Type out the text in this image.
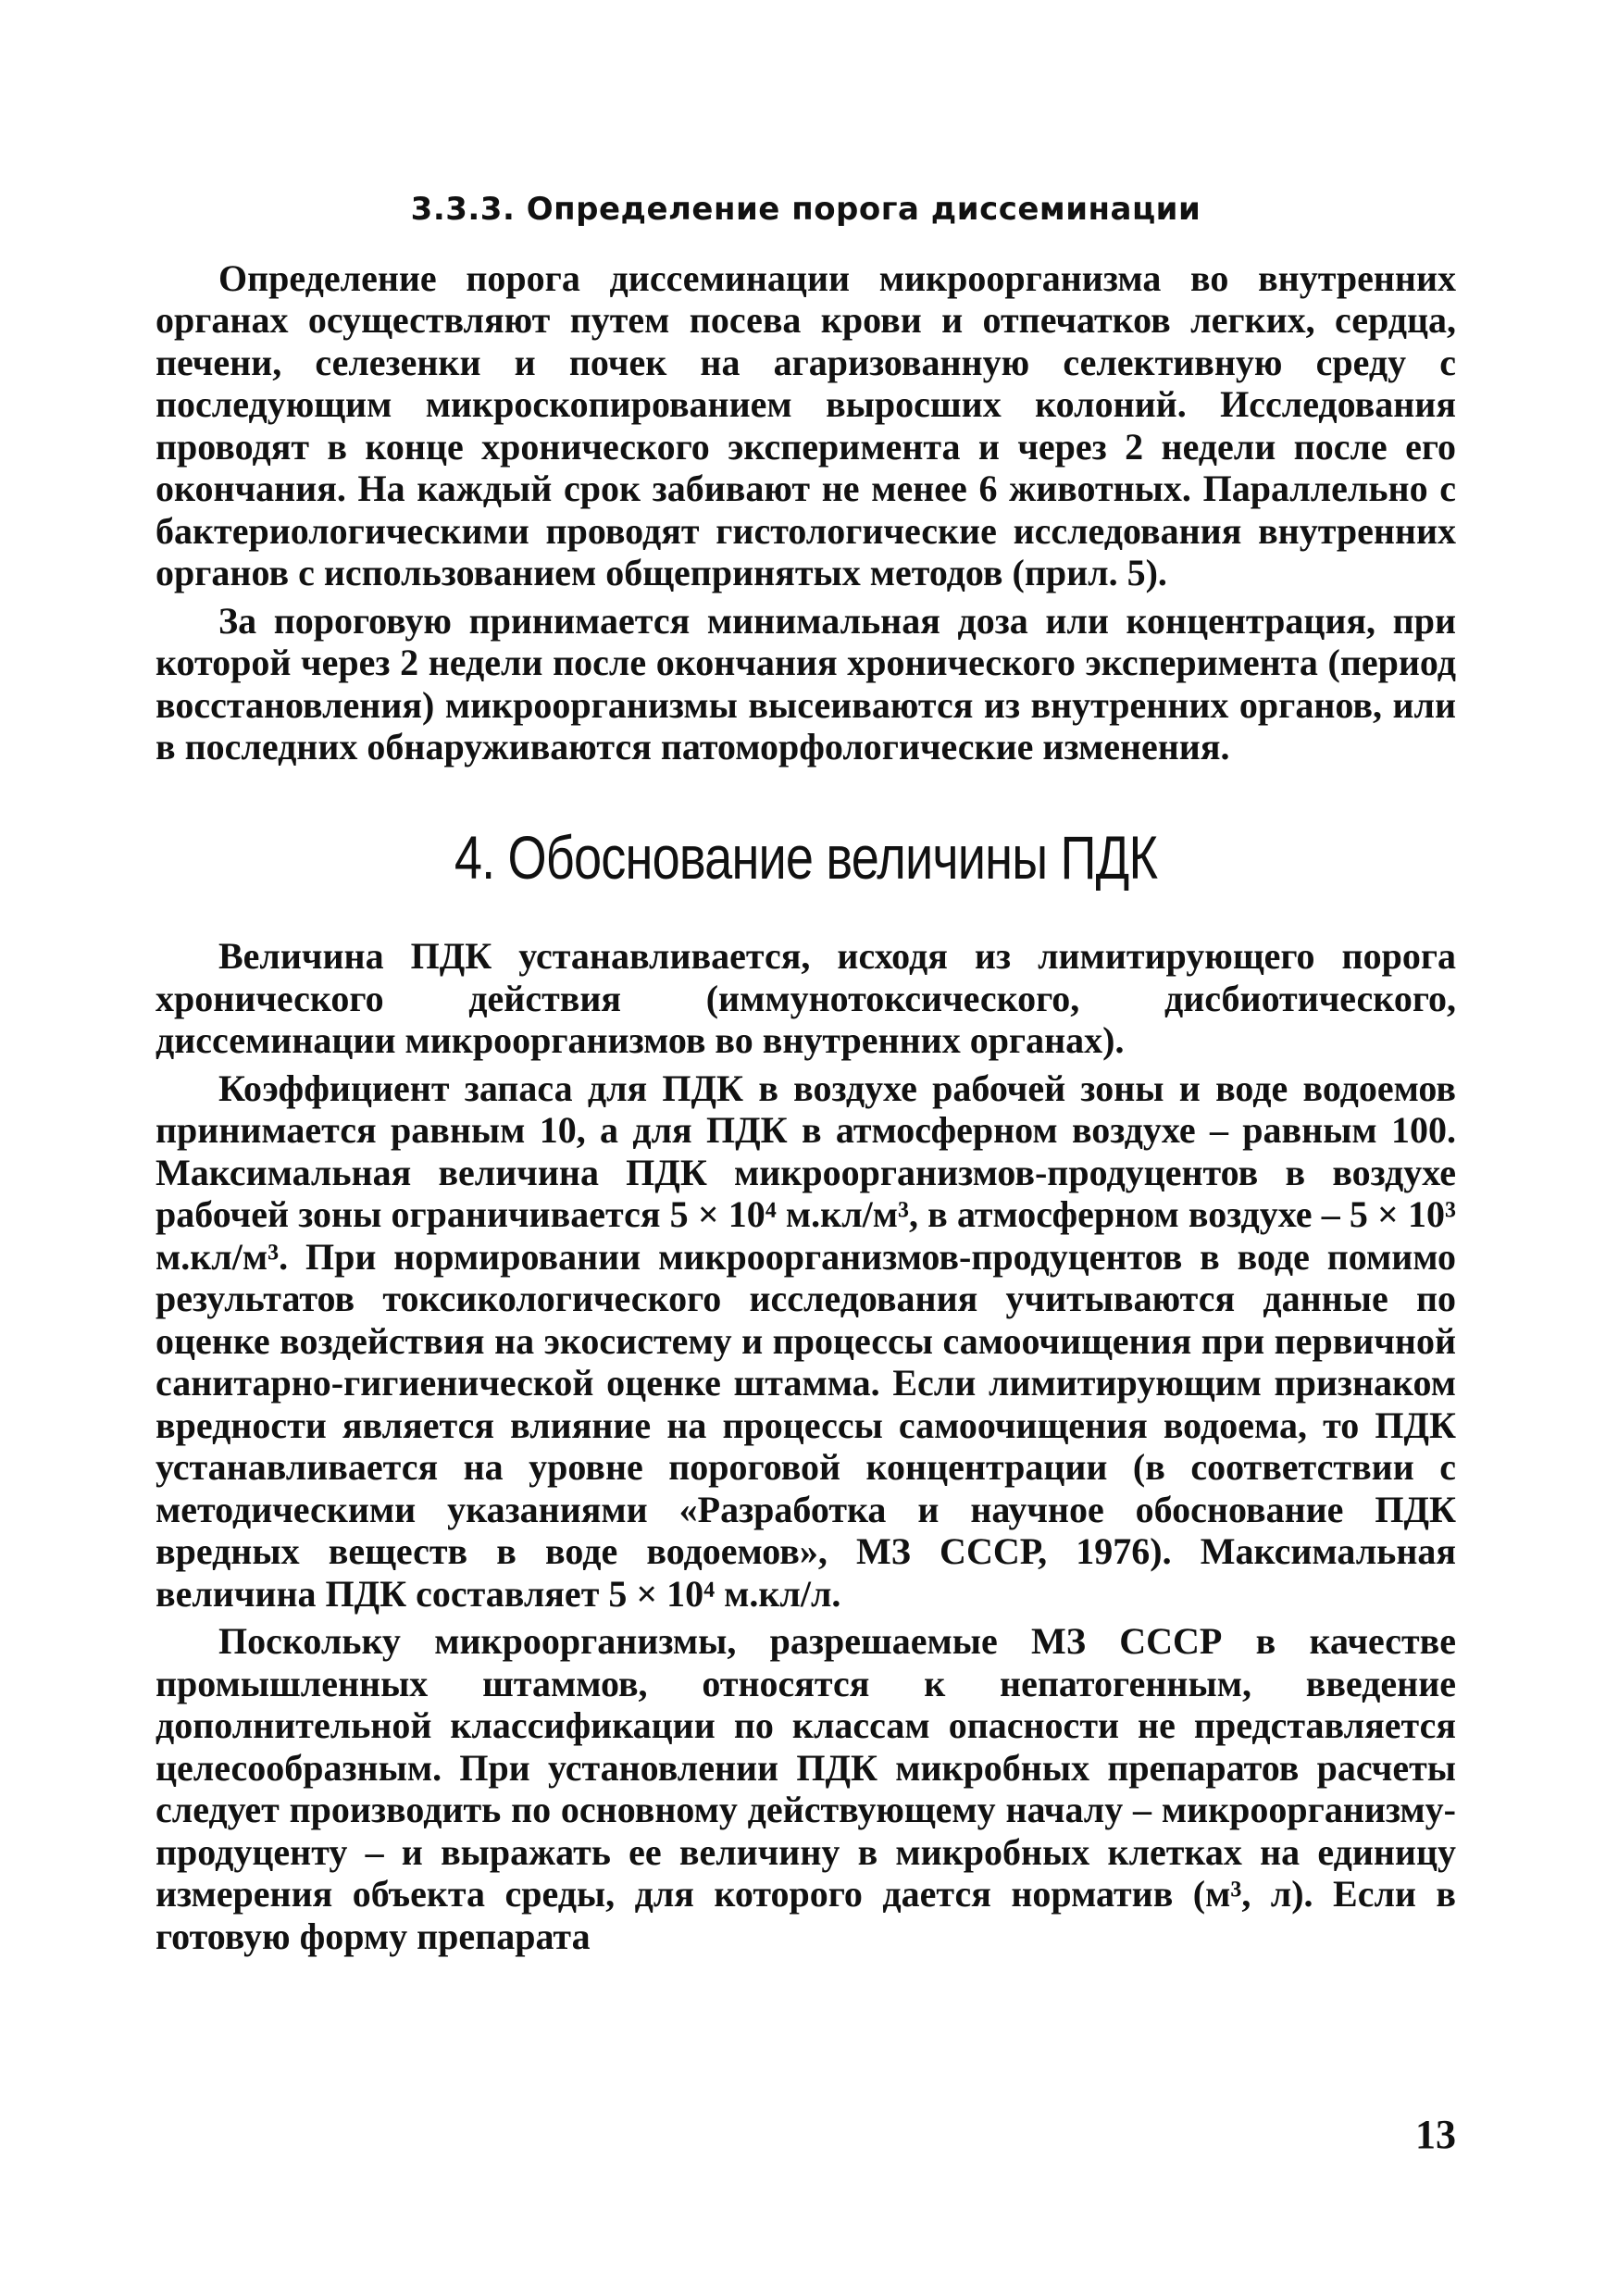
3.3.3. Определение порога диссеминации

Определение порога диссеминации микроорганизма во внутренних органах осуществляют путем посева крови и отпечатков легких, сердца, печени, селезенки и почек на агаризованную селективную среду с последующим микроскопированием выросших колоний. Исследования проводят в конце хронического эксперимента и через 2 недели после его окончания. На каждый срок забивают не менее 6 животных. Параллельно с бактериологическими проводят гистологические исследования внутренних органов с использованием общепринятых методов (прил. 5).

За пороговую принимается минимальная доза или концентрация, при которой через 2 недели после окончания хронического эксперимента (период восстановления) микроорганизмы высеиваются из внутренних органов, или в последних обнаруживаются патоморфологические изменения.

4. Обоснование величины ПДК

Величина ПДК устанавливается, исходя из лимитирующего порога хронического действия (иммунотоксического, дисбиотического, диссеминации микроорганизмов во внутренних органах).

Коэффициент запаса для ПДК в воздухе рабочей зоны и воде водоемов принимается равным 10, а для ПДК в атмосферном воздухе – равным 100. Максимальная величина ПДК микроорганизмов-продуцентов в воздухе рабочей зоны ограничивается 5 × 10⁴ м.кл/м³, в атмосферном воздухе – 5 × 10³ м.кл/м³. При нормировании микроорганизмов-продуцентов в воде помимо результатов токсикологического исследования учитываются данные по оценке воздействия на экосистему и процессы самоочищения при первичной санитарно-гигиенической оценке штамма. Если лимитирующим признаком вредности является влияние на процессы самоочищения водоема, то ПДК устанавливается на уровне пороговой концентрации (в соответствии с методическими указаниями «Разработка и научное обоснование ПДК вредных веществ в воде водоемов», МЗ СССР, 1976). Максимальная величина ПДК составляет 5 × 10⁴ м.кл/л.

Поскольку микроорганизмы, разрешаемые МЗ СССР в качестве промышленных штаммов, относятся к непатогенным, введение дополнительной классификации по классам опасности не представляется целесообразным. При установлении ПДК микробных препаратов расчеты следует производить по основному действующему началу – микроорганизму-продуценту – и выражать ее величину в микробных клетках на единицу измерения объекта среды, для которого дается норматив (м³, л). Если в готовую форму препарата

13
